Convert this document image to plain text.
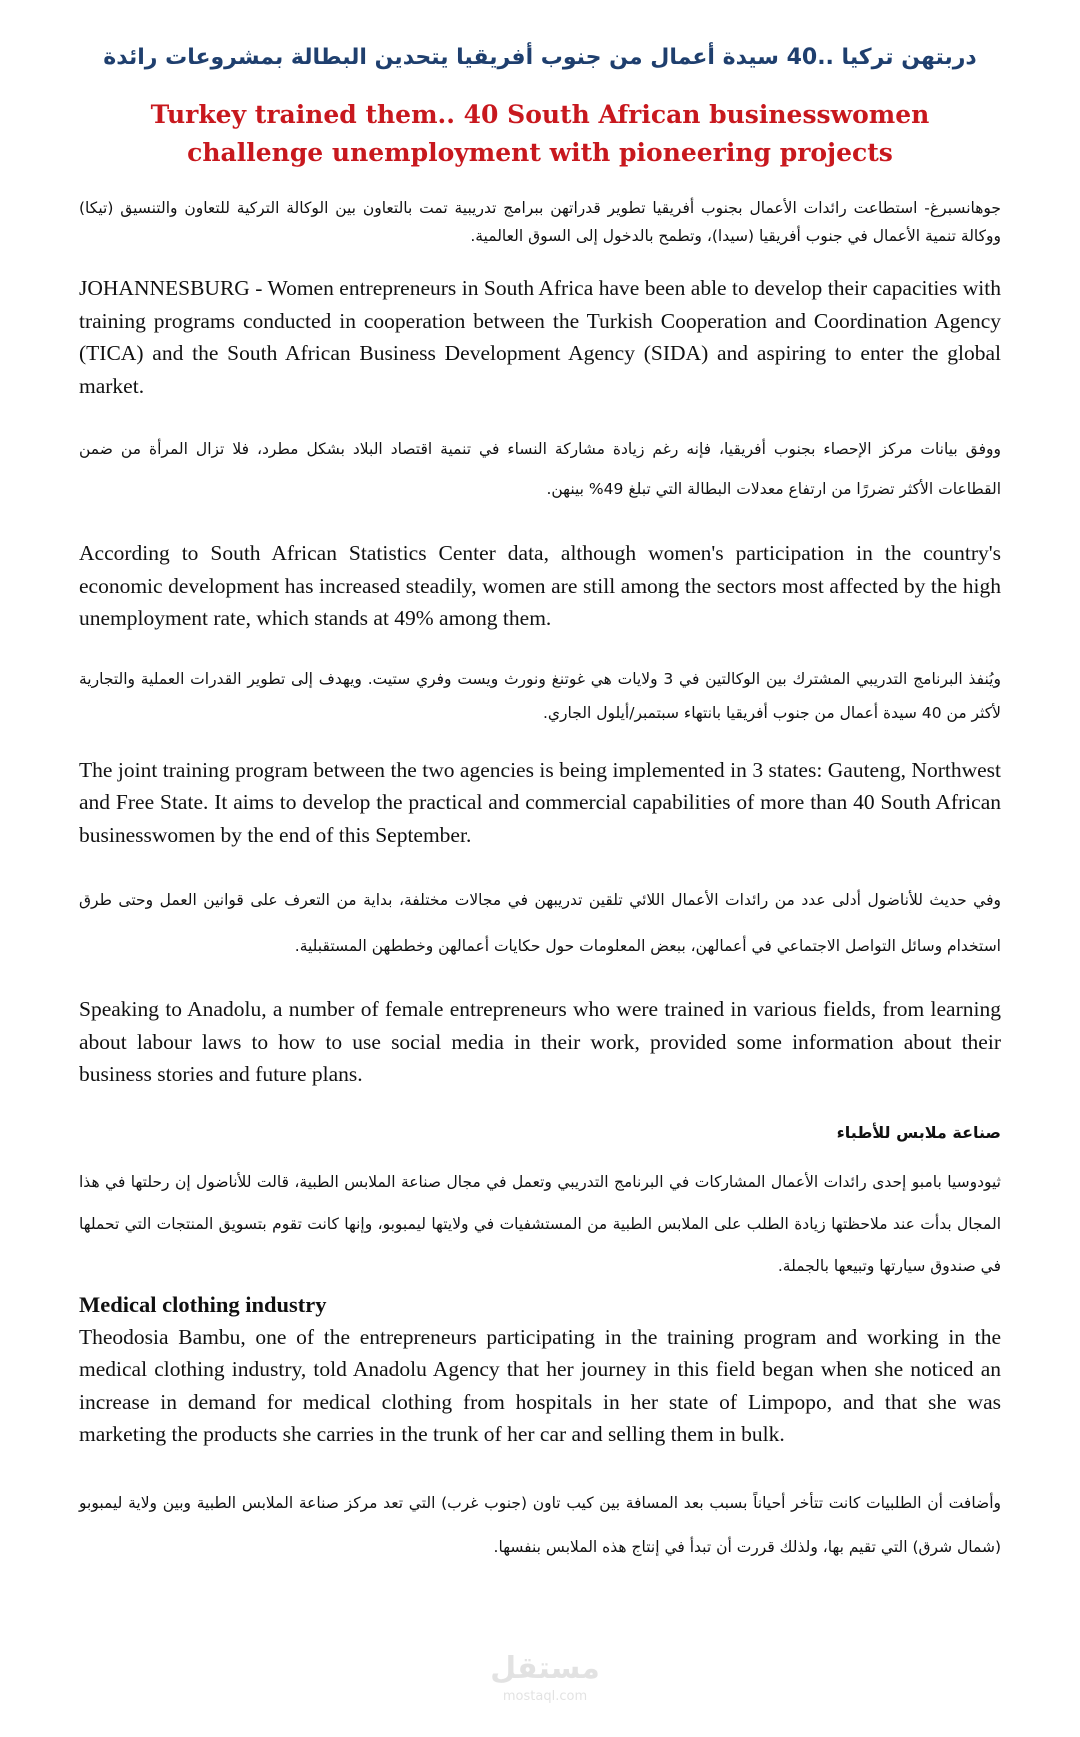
دربتهن تركيا ..40 سيدة أعمال من جنوب أفريقيا يتحدين البطالة بمشروعات رائدة
Turkey trained them.. 40 South African businesswomen challenge unemployment with pioneering projects

جوهانسبرغ- استطاعت رائدات الأعمال بجنوب أفريقيا تطوير قدراتهن ببرامج تدريبية تمت بالتعاون بين الوكالة التركية للتعاون والتنسيق (تيكا) ووكالة تنمية الأعمال في جنوب أفريقيا (سيدا)، وتطمح بالدخول إلى السوق العالمية.

JOHANNESBURG - Women entrepreneurs in South Africa have been able to develop their capacities with training programs conducted in cooperation between the Turkish Cooperation and Coordination Agency (TICA) and the South African Business Development Agency (SIDA) and aspiring to enter the global market.

ووفق بيانات مركز الإحصاء بجنوب أفريقيا، فإنه رغم زيادة مشاركة النساء في تنمية اقتصاد البلاد بشكل مطرد، فلا تزال المرأة من ضمن القطاعات الأكثر تضررًا من ارتفاع معدلات البطالة التي تبلغ 49% بينهن.

According to South African Statistics Center data, although women's participation in the country's economic development has increased steadily, women are still among the sectors most affected by the high unemployment rate, which stands at 49% among them.

ويُنفذ البرنامج التدريبي المشترك بين الوكالتين في 3 ولايات هي غوتنغ ونورث ويست وفري ستيت. ويهدف إلى تطوير القدرات العملية والتجارية لأكثر من 40 سيدة أعمال من جنوب أفريقيا بانتهاء سبتمبر/أيلول الجاري.

The joint training program between the two agencies is being implemented in 3 states: Gauteng, Northwest and Free State. It aims to develop the practical and commercial capabilities of more than 40 South African businesswomen by the end of this September.

وفي حديث للأناضول أدلى عدد من رائدات الأعمال اللائي تلقين تدريبهن في مجالات مختلفة، بداية من التعرف على قوانين العمل وحتى طرق استخدام وسائل التواصل الاجتماعي في أعمالهن، ببعض المعلومات حول حكايات أعمالهن وخططهن المستقبلية.

Speaking to Anadolu, a number of female entrepreneurs who were trained in various fields, from learning about labour laws to how to use social media in their work, provided some information about their business stories and future plans.

صناعة ملابس للأطباء

ثيودوسيا بامبو إحدى رائدات الأعمال المشاركات في البرنامج التدريبي وتعمل في مجال صناعة الملابس الطبية، قالت للأناضول إن رحلتها في هذا المجال بدأت عند ملاحظتها زيادة الطلب على الملابس الطبية من المستشفيات في ولايتها ليمبوبو، وإنها كانت تقوم بتسويق المنتجات التي تحملها في صندوق سيارتها وتبيعها بالجملة.

Medical clothing industry

Theodosia Bambu, one of the entrepreneurs participating in the training program and working in the medical clothing industry, told Anadolu Agency that her journey in this field began when she noticed an increase in demand for medical clothing from hospitals in her state of Limpopo, and that she was marketing the products she carries in the trunk of her car and selling them in bulk.

وأضافت أن الطلبيات كانت تتأخر أحياناً بسبب بعد المسافة بين كيب تاون (جنوب غرب) التي تعد مركز صناعة الملابس الطبية وبين ولاية ليمبوبو (شمال شرق) التي تقيم بها، ولذلك قررت أن تبدأ في إنتاج هذه الملابس بنفسها.

مستقل
mostaql.com
